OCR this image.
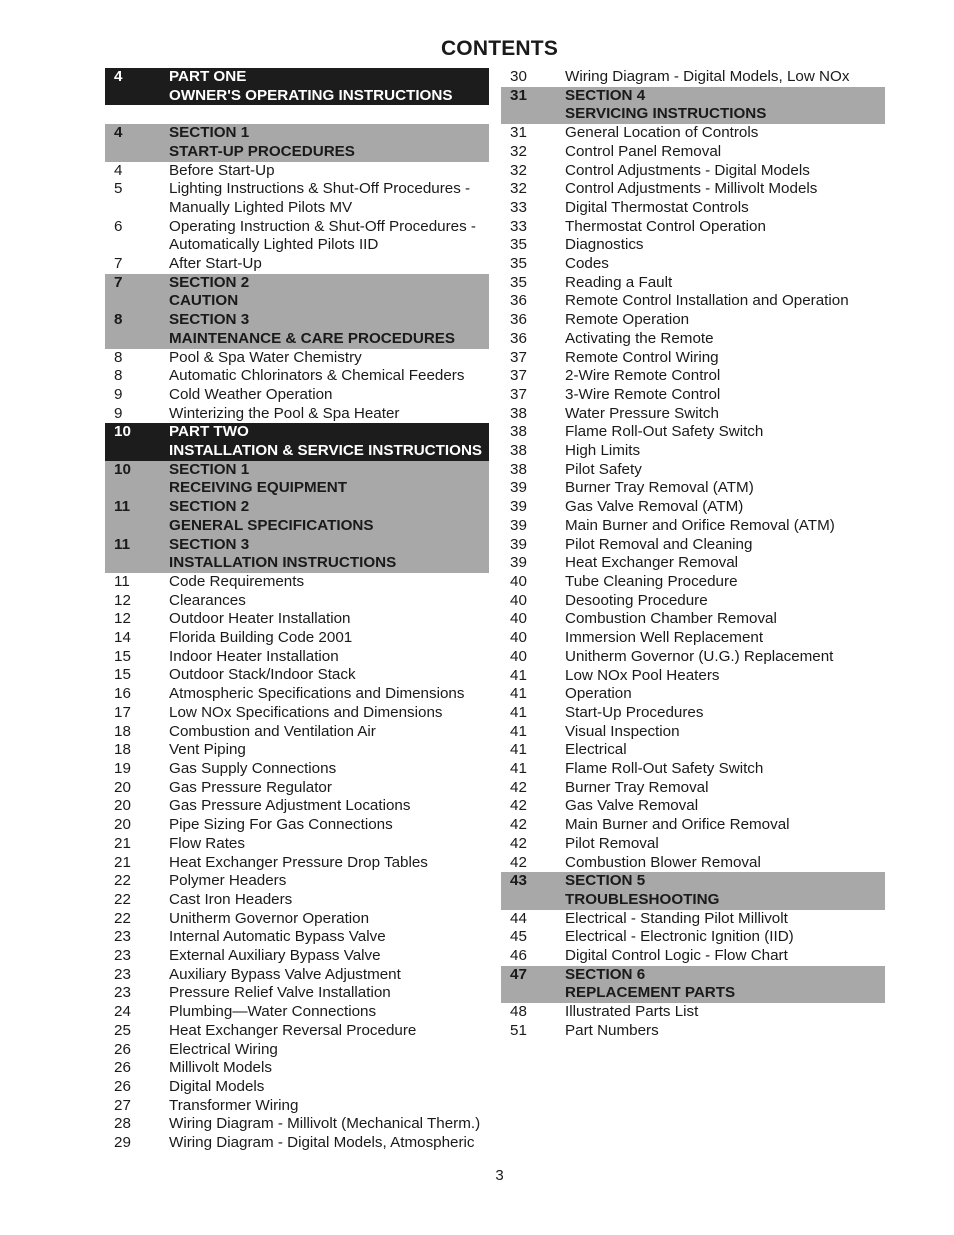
CONTENTS
4	PART ONE
OWNER'S OPERATING INSTRUCTIONS
4	SECTION 1
START-UP PROCEDURES
4	Before Start-Up
5	Lighting Instructions & Shut-Off Procedures - Manually Lighted Pilots MV
6	Operating Instruction & Shut-Off Procedures - Automatically Lighted Pilots IID
7	After Start-Up
7	SECTION 2
CAUTION
8	SECTION 3
MAINTENANCE & CARE PROCEDURES
8	Pool & Spa Water Chemistry
8	Automatic Chlorinators & Chemical Feeders
9	Cold Weather Operation
9	Winterizing the Pool & Spa Heater
10	PART TWO
INSTALLATION & SERVICE INSTRUCTIONS
10	SECTION 1
RECEIVING EQUIPMENT
11	SECTION 2
GENERAL SPECIFICATIONS
11	SECTION 3
INSTALLATION INSTRUCTIONS
11	Code Requirements
12	Clearances
12	Outdoor Heater Installation
14	Florida Building Code 2001
15	Indoor Heater Installation
15	Outdoor Stack/Indoor Stack
16	Atmospheric Specifications and Dimensions
17	Low NOx Specifications and Dimensions
18	Combustion and Ventilation Air
18	Vent Piping
19	Gas Supply Connections
20	Gas Pressure Regulator
20	Gas Pressure Adjustment Locations
20	Pipe Sizing For Gas Connections
21	Flow Rates
21	Heat Exchanger Pressure Drop Tables
22	Polymer Headers
22	Cast Iron Headers
22	Unitherm Governor Operation
23	Internal Automatic Bypass Valve
23	External Auxiliary Bypass Valve
23	Auxiliary Bypass Valve Adjustment
23	Pressure Relief Valve Installation
24	Plumbing—Water Connections
25	Heat Exchanger Reversal Procedure
26	Electrical Wiring
26	Millivolt Models
26	Digital Models
27	Transformer Wiring
28	Wiring Diagram - Millivolt (Mechanical Therm.)
29	Wiring Diagram - Digital Models, Atmospheric
30	Wiring Diagram - Digital Models, Low NOx
31	SECTION 4
SERVICING INSTRUCTIONS
31	General Location of Controls
32	Control Panel Removal
32	Control Adjustments - Digital Models
32	Control Adjustments - Millivolt Models
33	Digital Thermostat Controls
33	Thermostat Control Operation
35	Diagnostics
35	Codes
35	Reading a Fault
36	Remote Control Installation and Operation
36	Remote Operation
36	Activating the Remote
37	Remote Control Wiring
37	2-Wire Remote Control
37	3-Wire Remote Control
38	Water Pressure Switch
38	Flame Roll-Out Safety Switch
38	High Limits
38	Pilot Safety
39	Burner Tray Removal (ATM)
39	Gas Valve Removal (ATM)
39	Main Burner and Orifice Removal (ATM)
39	Pilot Removal and Cleaning
39	Heat Exchanger Removal
40	Tube Cleaning Procedure
40	Desooting Procedure
40	Combustion Chamber Removal
40	Immersion Well Replacement
40	Unitherm Governor (U.G.) Replacement
41	Low NOx Pool Heaters
41	Operation
41	Start-Up Procedures
41	Visual Inspection
41	Electrical
41	Flame Roll-Out Safety Switch
42	Burner Tray Removal
42	Gas Valve Removal
42	Main Burner and Orifice Removal
42	Pilot Removal
42	Combustion Blower Removal
43	SECTION 5
TROUBLESHOOTING
44	Electrical - Standing Pilot Millivolt
45	Electrical - Electronic Ignition (IID)
46	Digital Control Logic - Flow Chart
47	SECTION 6
REPLACEMENT PARTS
48	Illustrated Parts List
51	Part Numbers
3
